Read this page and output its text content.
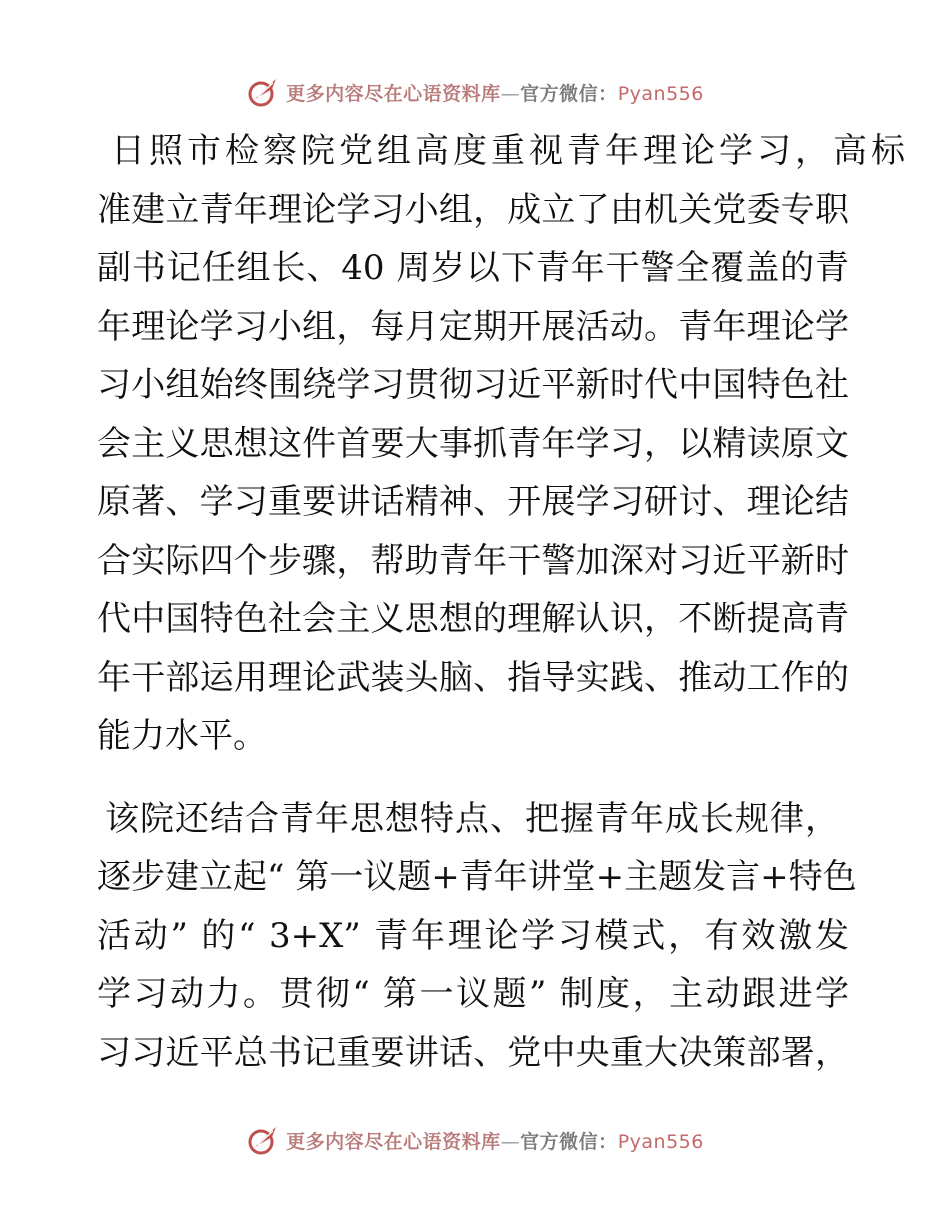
更多内容尽在心语资料库—官方微信：Pyan556

日照市检察院党组高度重视青年理论学习，高标

准建立青年理论学习小组，成立了由机关党委专职

副书记任组长、40 周岁以下青年干警全覆盖的青

年理论学习小组，每月定期开展活动。青年理论学

习小组始终围绕学习贯彻习近平新时代中国特色社

会主义思想这件首要大事抓青年学习，以精读原文

原著、学习重要讲话精神、开展学习研讨、理论结

合实际四个步骤，帮助青年干警加深对习近平新时

代中国特色社会主义思想的理解认识，不断提高青

年干部运用理论武装头脑、指导实践、推动工作的

能力水平。

该院还结合青年思想特点、把握青年成长规律，

逐步建立起“ 第一议题+青年讲堂+主题发言+特色

活动” 的“ 3+X” 青年理论学习模式，有效激发

学习动力。贯彻“ 第一议题” 制度，主动跟进学

习习近平总书记重要讲话、党中央重大决策部署，

更多内容尽在心语资料库—官方微信：Pyan556
